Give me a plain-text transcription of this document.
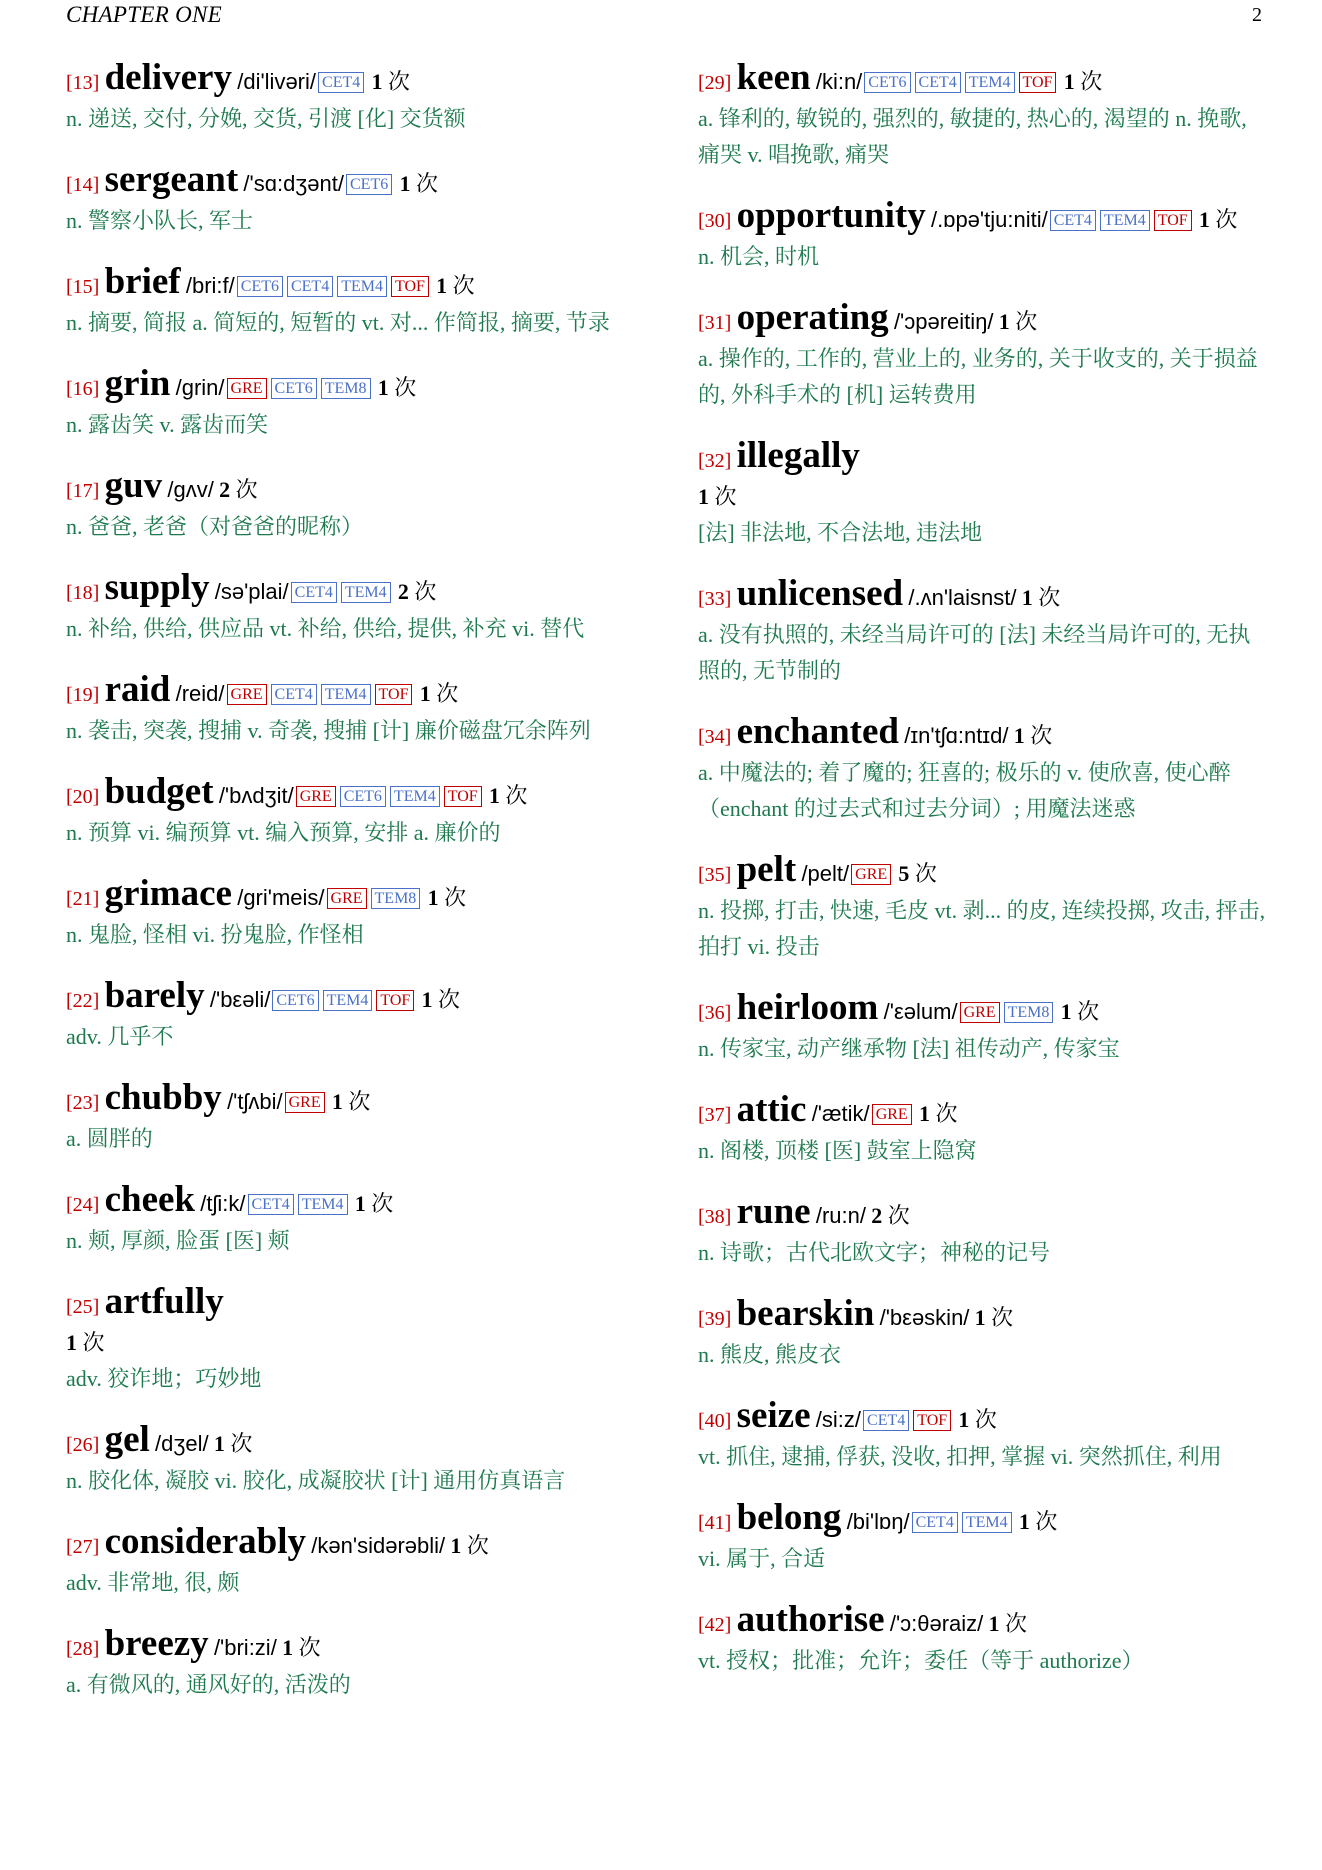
CHAPTER ONE	2
[13] delivery /di'livəri/ CET4 1 次
n. 递送, 交付, 分娩, 交货, 引渡 [化] 交货额
[14] sergeant /'sɑ:dʒənt/ CET6 1 次
n. 警察小队长, 军士
[15] brief /bri:f/ CET6 CET4 TEM4 TOF 1 次
n. 摘要, 简报 a. 简短的, 短暂的 vt. 对... 作简报, 摘要, 节录
[16] grin /grin/ GRE CET6 TEM8 1 次
n. 露齿笑 v. 露齿而笑
[17] guv /gʌv/ 2 次
n. 爸爸, 老爸（对爸爸的昵称）
[18] supply /sə'plai/ CET4 TEM4 2 次
n. 补给, 供给, 供应品 vt. 补给, 供给, 提供, 补充 vi. 替代
[19] raid /reid/ GRE CET4 TEM4 TOF 1 次
n. 袭击, 突袭, 搜捕 v. 奇袭, 搜捕 [计] 廉价磁盘冗余阵列
[20] budget /'bʌdʒit/ GRE CET6 TEM4 TOF 1 次
n. 预算 vi. 编预算 vt. 编入预算, 安排 a. 廉价的
[21] grimace /gri'meis/ GRE TEM8 1 次
n. 鬼脸, 怪相 vi. 扮鬼脸, 作怪相
[22] barely /'bεəli/ CET6 TEM4 TOF 1 次
adv. 几乎不
[23] chubby /'tʃʌbi/ GRE 1 次
a. 圆胖的
[24] cheek /tʃi:k/ CET4 TEM4 1 次
n. 颊, 厚颜, 脸蛋 [医] 颊
[25] artfully
1 次
adv. 狡诈地；巧妙地
[26] gel /dʒel/ 1 次
n. 胶化体, 凝胶 vi. 胶化, 成凝胶状 [计] 通用仿真语言
[27] considerably /kən'sidərəbli/ 1 次
adv. 非常地, 很, 颇
[28] breezy /'bri:zi/ 1 次
a. 有微风的, 通风好的, 活泼的
[29] keen /ki:n/ CET6 CET4 TEM4 TOF 1 次
a. 锋利的, 敏锐的, 强烈的, 敏捷的, 热心的, 渴望的 n. 挽歌, 痛哭 v. 唱挽歌, 痛哭
[30] opportunity /.ɒpə'tju:niti/ CET4 TEM4 TOF 1 次
n. 机会, 时机
[31] operating /'ɔpəreitiŋ/ 1 次
a. 操作的, 工作的, 营业上的, 业务的, 关于收支的, 关于损益的, 外科手术的 [机] 运转费用
[32] illegally
1 次
[法] 非法地, 不合法地, 违法地
[33] unlicensed /.ʌn'laisnst/ 1 次
a. 没有执照的, 未经当局许可的 [法] 未经当局许可的, 无执照的, 无节制的
[34] enchanted /ɪn'tʃɑ:ntɪd/ 1 次
a. 中魔法的; 着了魔的; 狂喜的; 极乐的 v. 使欣喜, 使心醉（enchant 的过去式和过去分词）; 用魔法迷惑
[35] pelt /pelt/ GRE 5 次
n. 投掷, 打击, 快速, 毛皮 vt. 剥... 的皮, 连续投掷, 攻击, 抨击, 拍打 vi. 投击
[36] heirloom /'εəlum/ GRE TEM8 1 次
n. 传家宝, 动产继承物 [法] 祖传动产, 传家宝
[37] attic /'ætik/ GRE 1 次
n. 阁楼, 顶楼 [医] 鼓室上隐窝
[38] rune /ru:n/ 2 次
n. 诗歌；古代北欧文字；神秘的记号
[39] bearskin /'bεəskin/ 1 次
n. 熊皮, 熊皮衣
[40] seize /si:z/ CET4 TOF 1 次
vt. 抓住, 逮捕, 俘获, 没收, 扣押, 掌握 vi. 突然抓住, 利用
[41] belong /bi'lɒŋ/ CET4 TEM4 1 次
vi. 属于, 合适
[42] authorise /'ɔ:θəraiz/ 1 次
vt. 授权；批准；允许；委任（等于 authorize）
